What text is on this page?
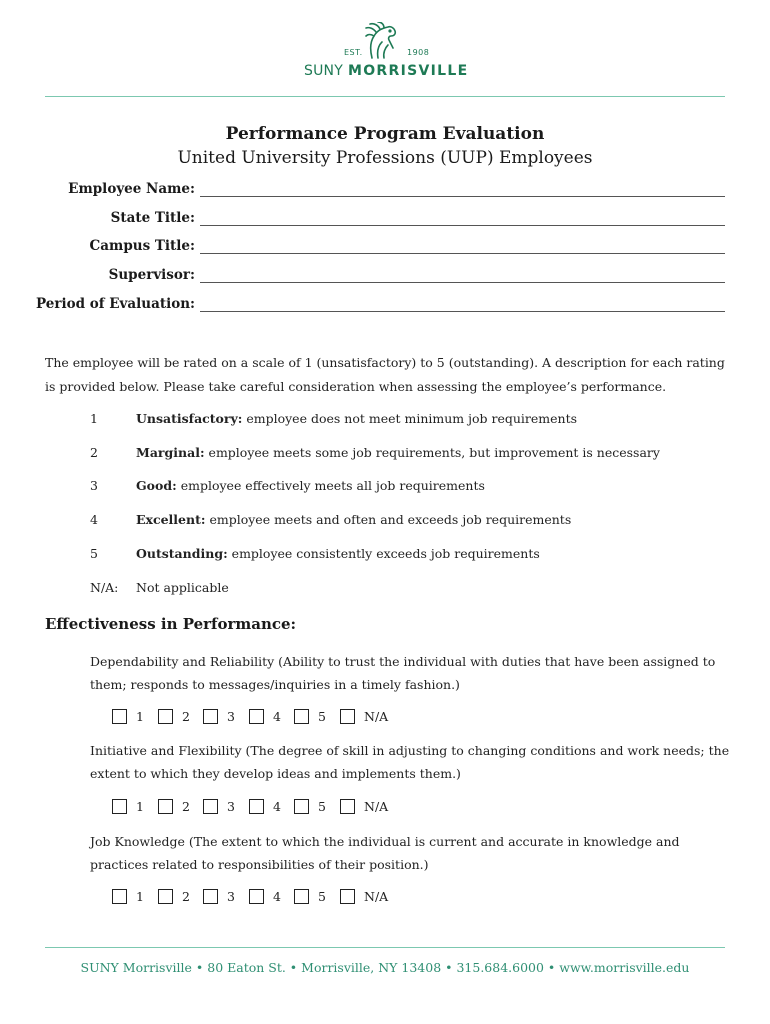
EST.	1908
SUNY MORRISVILLE
Performance Program Evaluation
United University Professions (UUP) Employees
Employee Name:
State Title:
Campus Title:
Supervisor:
Period of Evaluation:
The employee will be rated on a scale of 1 (unsatisfactory) to 5 (outstanding). A description for each rating is provided below. Please take careful consideration when assessing the employee’s performance.
1	Unsatisfactory: employee does not meet minimum job requirements
2	Marginal: employee meets some job requirements, but improvement is necessary
3	Good: employee effectively meets all job requirements
4	Excellent: employee meets and often and exceeds job requirements
5	Outstanding: employee consistently exceeds job requirements
N/A: Not applicable
Effectiveness in Performance:
Dependability and Reliability (Ability to trust the individual with duties that have been assigned to them; responds to messages/inquiries in a timely fashion.)
1	2	3	4	5	N/A
Initiative and Flexibility (The degree of skill in adjusting to changing conditions and work needs; the extent to which they develop ideas and implements them.)
1	2	3	4	5	N/A
Job Knowledge (The extent to which the individual is current and accurate in knowledge and practices related to responsibilities of their position.)
1	2	3	4	5	N/A
SUNY Morrisville • 80 Eaton St. • Morrisville, NY 13408 • 315.684.6000 • www.morrisville.edu
